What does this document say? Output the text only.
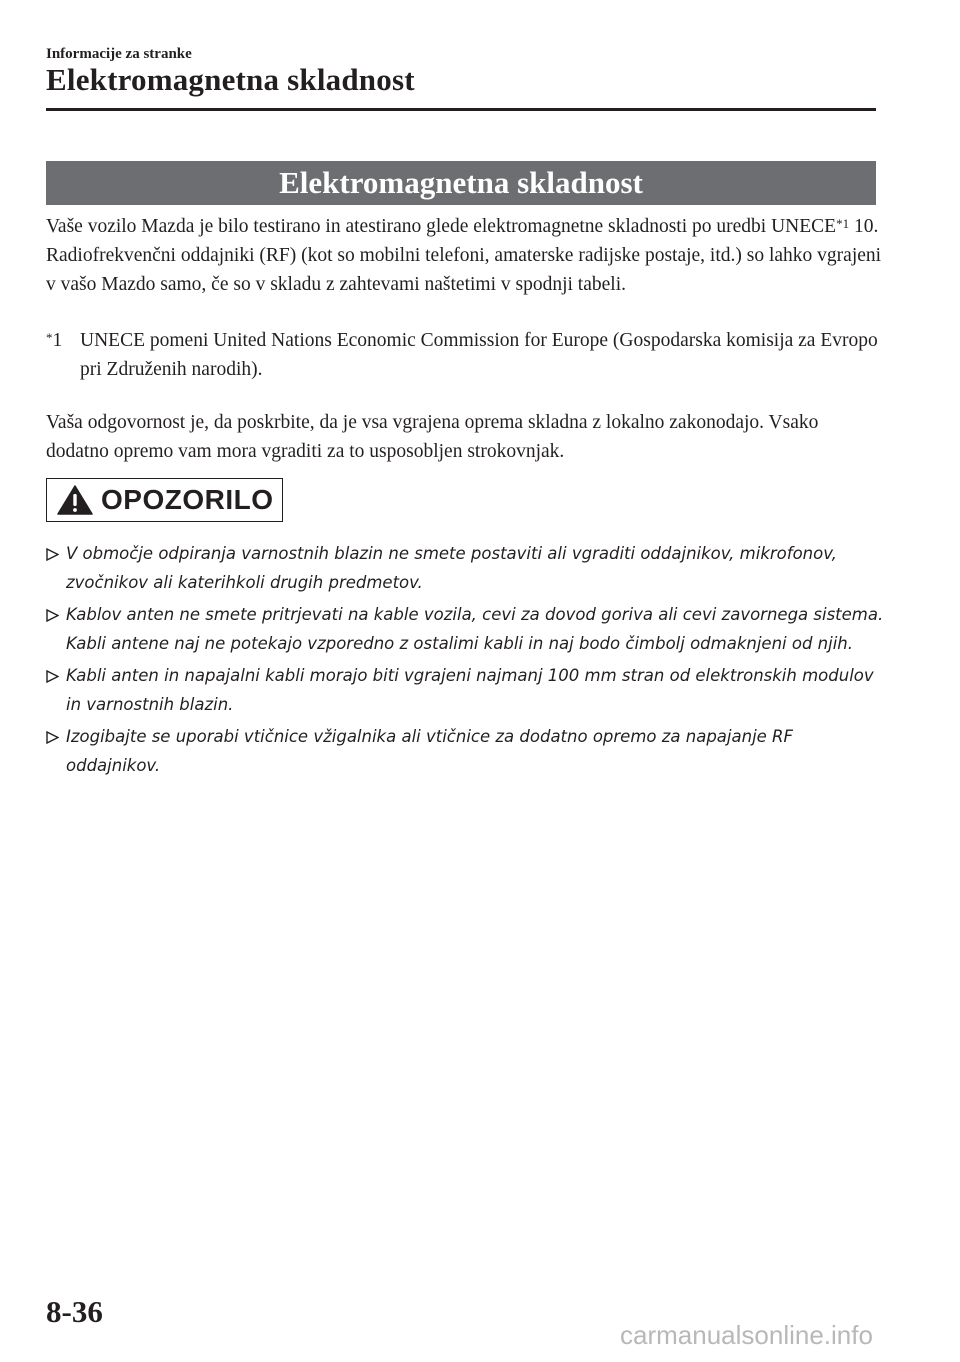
Informacije za stranke
Elektromagnetna skladnost
Elektromagnetna skladnost
Vaše vozilo Mazda je bilo testirano in atestirano glede elektromagnetne skladnosti po uredbi UNECE$^{*1}$ 10. Radiofrekvenčni oddajniki (RF) (kot so mobilni telefoni, amaterske radijske postaje, itd.) so lahko vgrajeni v vašo Mazdo samo, če so v skladu z zahtevami naštetimi v spodnji tabeli.
*1 UNECE pomeni United Nations Economic Commission for Europe (Gospodarska komisija za Evropo pri Združenih narodih).
Vaša odgovornost je, da poskrbite, da je vsa vgrajena oprema skladna z lokalno zakonodajo. Vsako dodatno opremo vam mora vgraditi za to usposobljen strokovnjak.
OPOZORILO
V območje odpiranja varnostnih blazin ne smete postaviti ali vgraditi oddajnikov, mikrofonov, zvočnikov ali katerihkoli drugih predmetov.
Kablov anten ne smete pritrjevati na kable vozila, cevi za dovod goriva ali cevi zavornega sistema. Kabli antene naj ne potekajo vzporedno z ostalimi kabli in naj bodo čimbolj odmaknjeni od njih.
Kabli anten in napajalni kabli morajo biti vgrajeni najmanj 100 mm stran od elektronskih modulov in varnostnih blazin.
Izogibajte se uporabi vtičnice vžigalnika ali vtičnice za dodatno opremo za napajanje RF oddajnikov.
8-36
carmanualsonline.info
